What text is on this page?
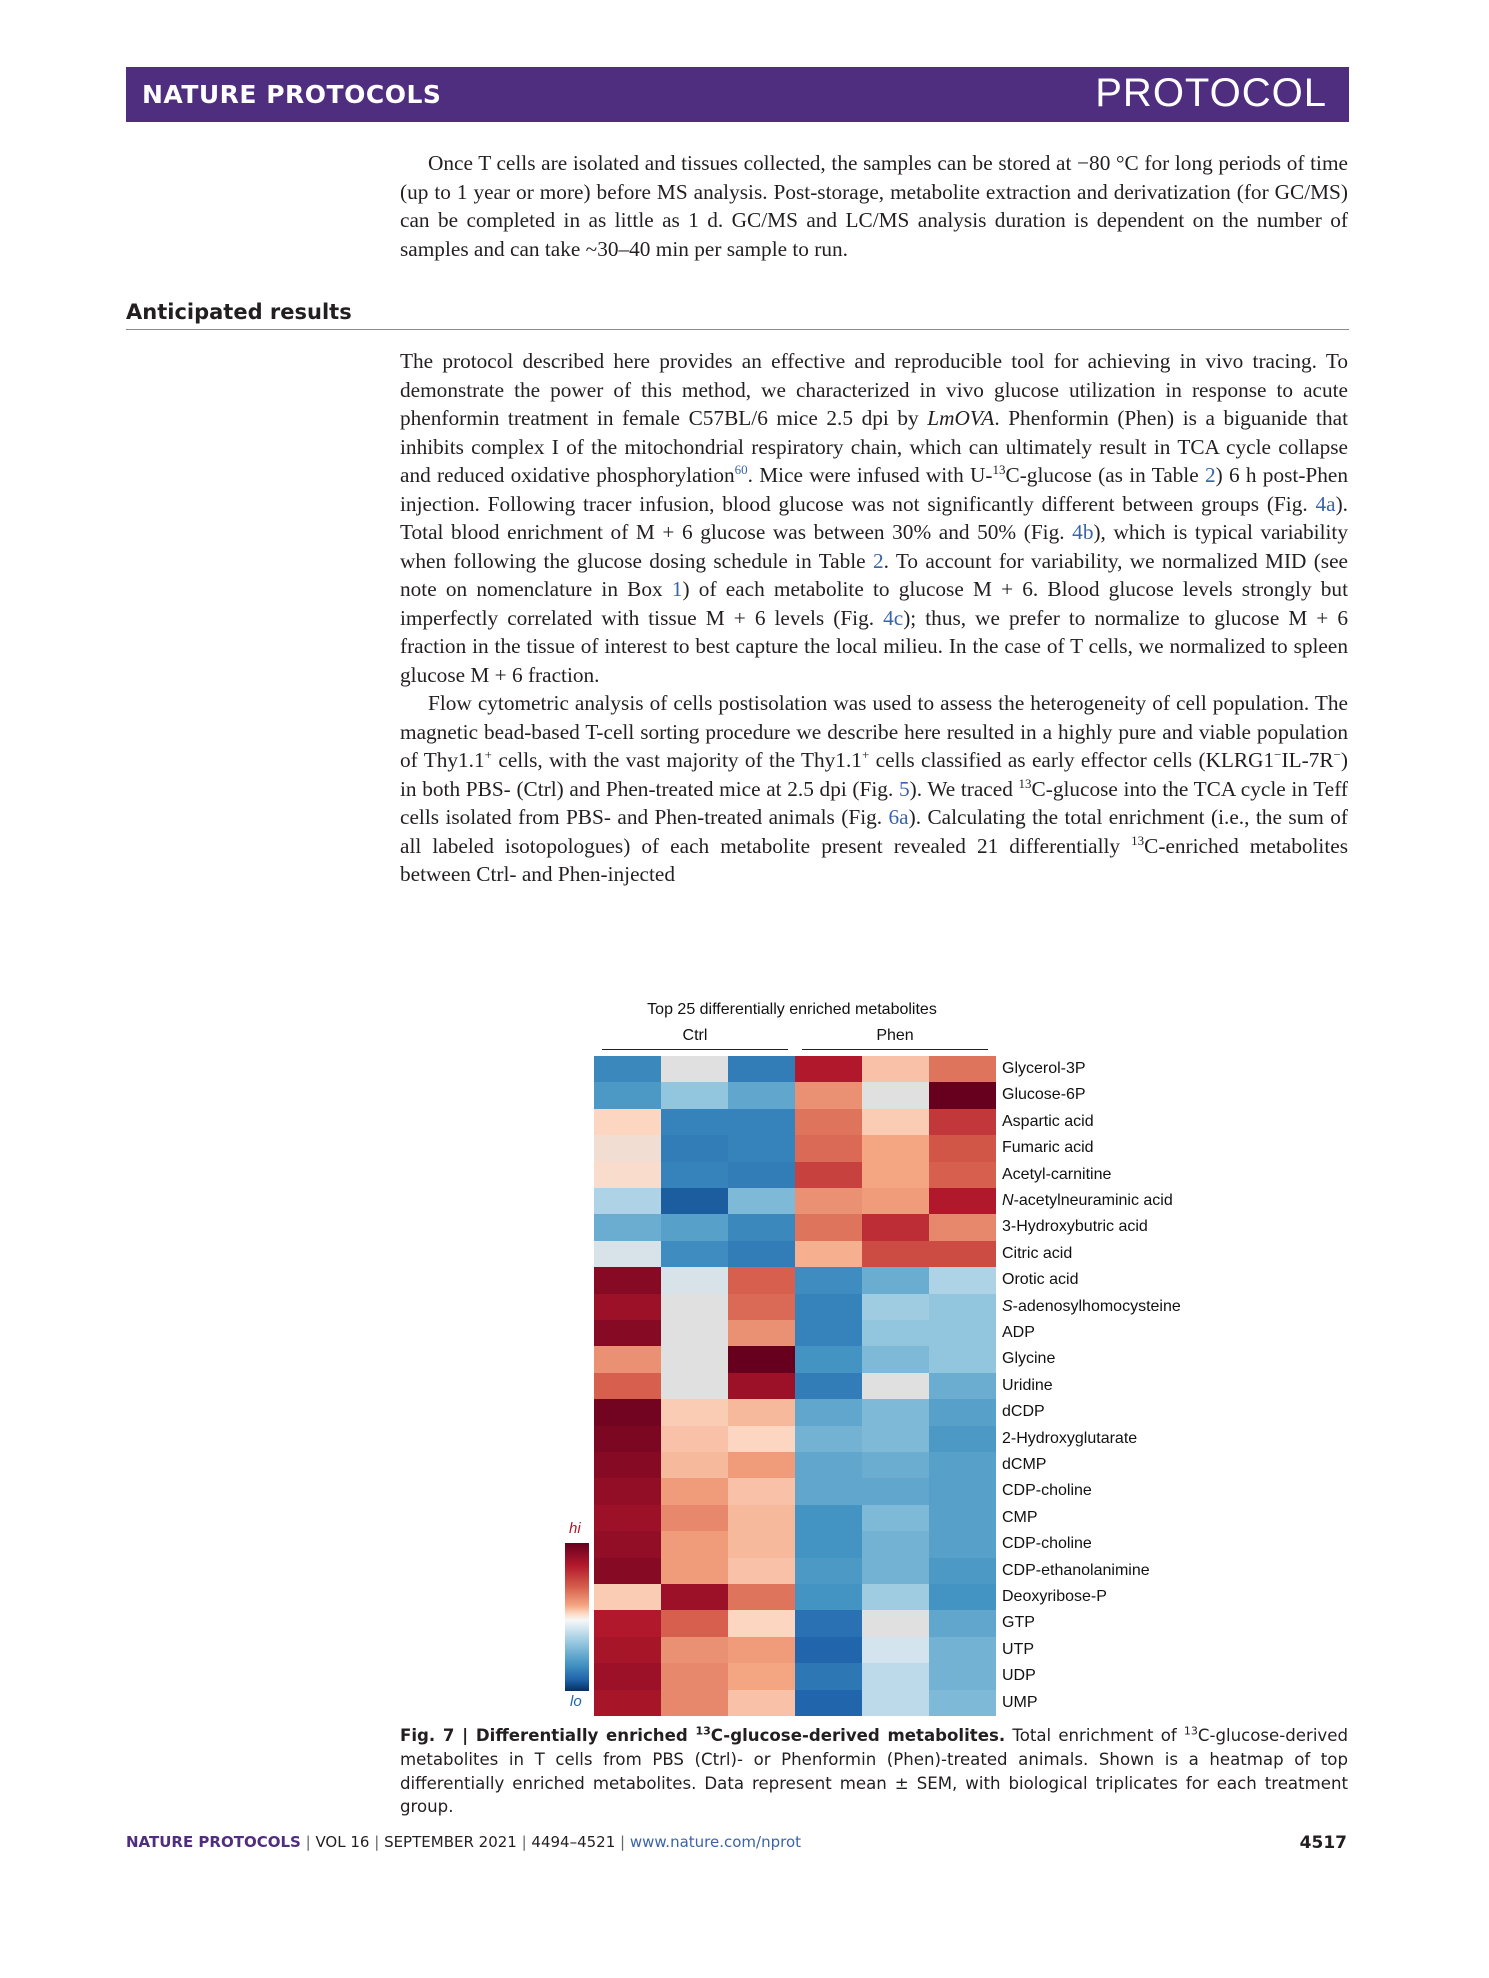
NATURE PROTOCOLS	PROTOCOL

Once T cells are isolated and tissues collected, the samples can be stored at −80 °C for long periods of time (up to 1 year or more) before MS analysis. Post-storage, metabolite extraction and derivatization (for GC/MS) can be completed in as little as 1 d. GC/MS and LC/MS analysis duration is dependent on the number of samples and can take ~30–40 min per sample to run.

Anticipated results

The protocol described here provides an effective and reproducible tool for achieving in vivo tracing. To demonstrate the power of this method, we characterized in vivo glucose utilization in response to acute phenformin treatment in female C57BL/6 mice 2.5 dpi by LmOVA. Phenformin (Phen) is a biguanide that inhibits complex I of the mitochondrial respiratory chain, which can ultimately result in TCA cycle collapse and reduced oxidative phosphorylation$^{60}$. Mice were infused with U-$^{13}$C-glucose (as in Table 2) 6 h post-Phen injection. Following tracer infusion, blood glucose was not significantly different between groups (Fig. 4a). Total blood enrichment of M + 6 glucose was between 30% and 50% (Fig. 4b), which is typical variability when following the glucose dosing schedule in Table 2. To account for variability, we normalized MID (see note on nomenclature in Box 1) of each metabolite to glucose M + 6. Blood glucose levels strongly but imperfectly correlated with tissue M + 6 levels (Fig. 4c); thus, we prefer to normalize to glucose M + 6 fraction in the tissue of interest to best capture the local milieu. In the case of T cells, we normalized to spleen glucose M + 6 fraction.

Flow cytometric analysis of cells postisolation was used to assess the heterogeneity of cell population. The magnetic bead-based T-cell sorting procedure we describe here resulted in a highly pure and viable population of Thy1.1+ cells, with the vast majority of the Thy1.1+ cells classified as early effector cells (KLRG1−IL-7R−) in both PBS- (Ctrl) and Phen-treated mice at 2.5 dpi (Fig. 5). We traced $^{13}$C-glucose into the TCA cycle in Teff cells isolated from PBS- and Phen-treated animals (Fig. 6a). Calculating the total enrichment (i.e., the sum of all labeled isotopologues) of each metabolite present revealed 21 differentially $^{13}$C-enriched metabolites between Ctrl- and Phen-injected

Top 25 differentially enriched metabolites
Ctrl	Phen
Glycerol-3P
Glucose-6P
Aspartic acid
Fumaric acid
Acetyl-carnitine
N-acetylneuraminic acid
3-Hydroxybutric acid
Citric acid
Orotic acid
S-adenosylhomocysteine
ADP
Glycine
Uridine
dCDP
2-Hydroxyglutarate
dCMP
CDP-choline
CMP
CDP-choline
CDP-ethanolanimine
Deoxyribose-P
GTP
UTP
UDP
UMP
hi
lo
Fig. 7 | Differentially enriched $^{13}$C-glucose-derived metabolites. Total enrichment of $^{13}$C-glucose-derived metabolites in T cells from PBS (Ctrl)- or Phenformin (Phen)-treated animals. Shown is a heatmap of top differentially enriched metabolites. Data represent mean ± SEM, with biological triplicates for each treatment group.
NATURE PROTOCOLS | VOL 16 | SEPTEMBER 2021 | 4494–4521 | www.nature.com/nprot	4517
